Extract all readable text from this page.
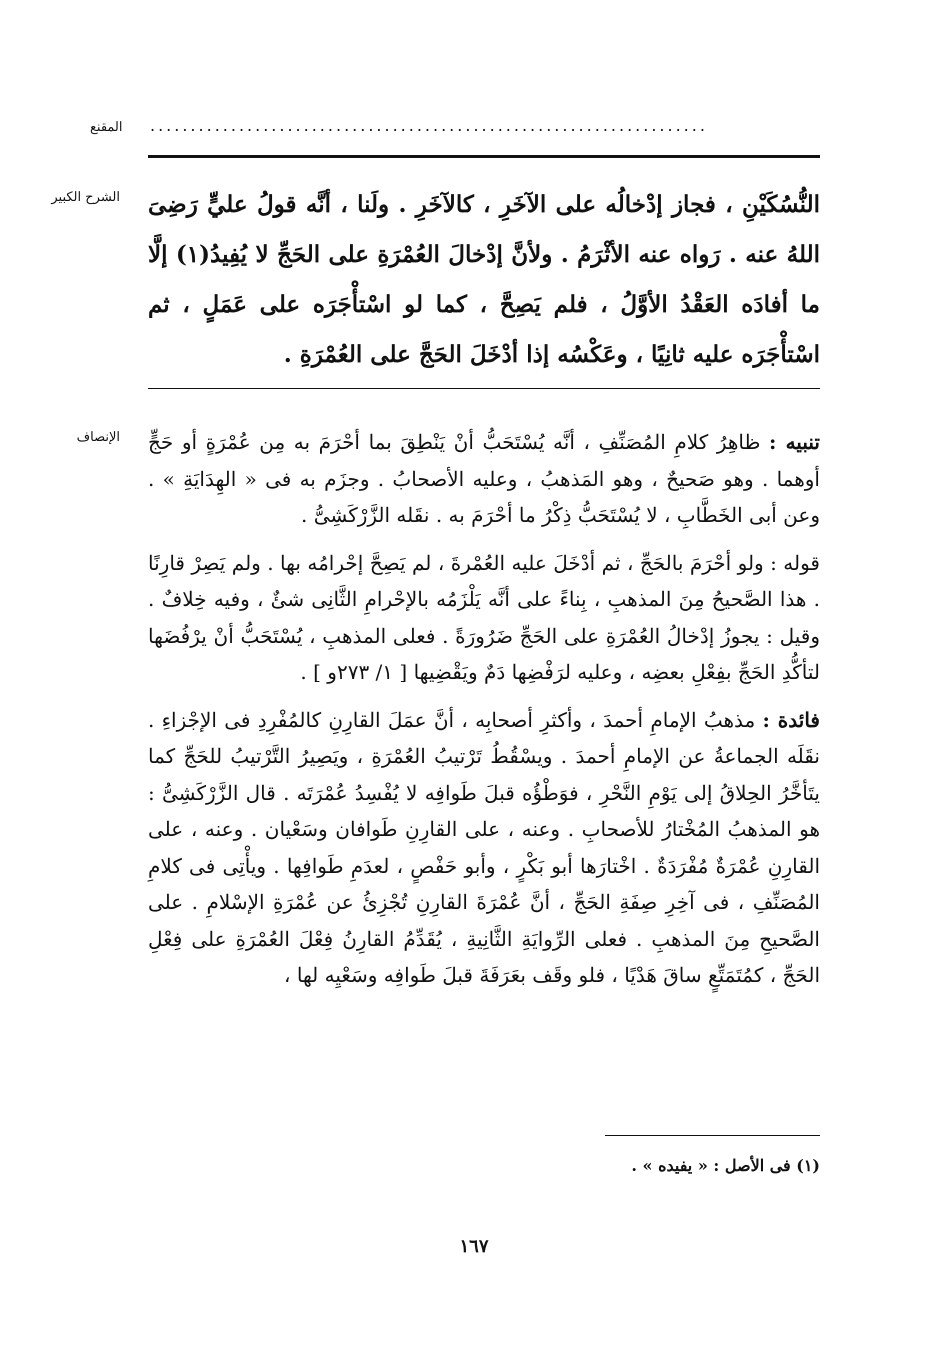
المقنع .....................................................................
الشرح الكبير النُّسُكَيْنِ ، فجاز إدْخالُه على الآخَرِ ، كالآخَرِ . ولَنا ، أنَّه قولُ عليٍّ رَضِىَ اللهُ عنه . رَواه عنه الأثْرَمُ . ولأنَّ إدْخالَ العُمْرَةِ على الحَجِّ لا يُفِيدُ(١) إلَّا ما أفادَه العَقْدُ الأوَّلُ ، فلم يَصِحَّ ، كما لو اسْتأْجَرَه على عَمَلٍ ، ثم اسْتأْجَرَه عليه ثانِيًا ، وعَكْسُه إذا أدْخَلَ الحَجَّ على العُمْرَةِ .
الإنصاف	تنبيه : ظاهِرُ كلامِ المُصَنِّفِ ، أنَّه يُسْتَحَبُّ أنْ يَنْطِقَ بما أحْرَمَ به مِن عُمْرَةٍ أو حَجٍّ أوهما . وهو صَحيحٌ ، وهو المَذهبُ ، وعليه الأصحابُ . وجزَم به فى « الهِدَايَةِ » . وعن أبى الخَطَّابِ ، لا يُسْتَحَبُّ ذِكْرُ ما أحْرَمَ به . نقَله الزَّرْكَشِىُّ .

قوله : ولو أحْرَمَ بالحَجِّ ، ثم أدْخَلَ عليه العُمْرةَ ، لم يَصِحَّ إحْرامُه بها . ولم يَصِرْ قارِنًا . هذا الصَّحيحُ مِنَ المذهبِ ، بِناءً على أنَّه يَلْزَمُه بالإحْرامِ الثَّانِى شئٌ ، وفيه خِلافٌ . وقيل : يجوزُ إدْخالُ العُمْرَةِ على الحَجِّ ضَرُورَةً . فعلى المذهبِ ، يُسْتَحَبُّ أنْ يرْفُضَها لتأكُّدِ الحَجِّ بفِعْلِ بعضِه ، وعليه لرَفْضِها دَمٌ ويَقْضِيها [ ١/ ٢٧٣و ] .

فائدة : مذهبُ الإمامِ أحمدَ ، وأكثرِ أصحابِه ، أنَّ عمَلَ القارِنِ كالمُفْرِدِ فى الإجْزاءِ . نقَلَه الجماعةُ عن الإمامِ أحمدَ . ويسْقُطُ تَرْتيبُ العُمْرَةِ ، ويَصِيرُ التَّرْتيبُ للحَجِّ كما يتَأخَّرُ الحِلاقُ إلى يَوْمِ النَّحْرِ ، فوَطْؤُه قبلَ طَوافِه لا يُفْسِدُ عُمْرَتَه . قال الزَّرْكَشِىُّ : هو المذهبُ المُخْتارُ للأصحابِ . وعنه ، على القارِنِ طَوافان وسَعْيان . وعنه ، على القارِنِ عُمْرَةٌ مُفْرَدَةٌ . اخْتارَها أبو بَكْرٍ ، وأبو حَفْصٍ ، لعدَمِ طَوافِها . ويأْتِى فى كلامِ المُصَنِّفِ ، فى آخِرِ صِفَةِ الحَجِّ ، أنَّ عُمْرَةَ القارِنِ تُجْزِئُ عن عُمْرَةِ الإسْلامِ . على الصَّحيحِ مِنَ المذهبِ . فعلى الرِّوايَةِ الثَّانِيةِ ، يُقَدِّمُ القارِنُ فِعْلَ العُمْرَةِ على فِعْلِ الحَجِّ ، كمُتَمَتِّعٍ ساقَ هَدْيًا ، فلو وقَف بعَرَفَةَ قبلَ طَوافِه وسَعْيِه لها ،

(١) فى الأصل : « يفيده » .
١٦٧
